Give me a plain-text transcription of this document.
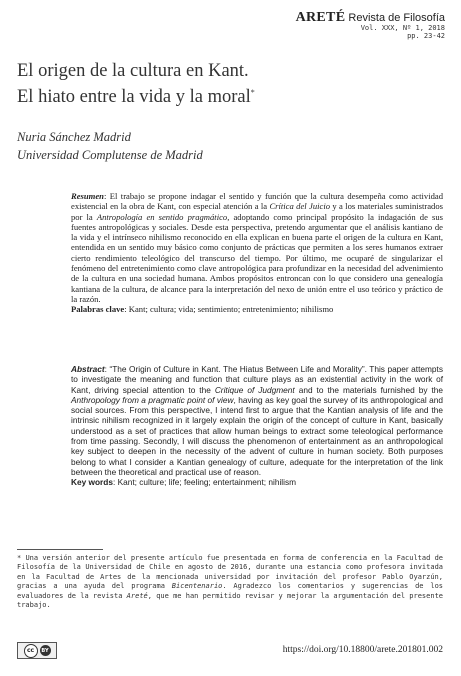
ARETÉ Revista de Filosofía
Vol. XXX, Nº 1, 2018
pp. 23-42
El origen de la cultura en Kant.
El hiato entre la vida y la moral*
Nuria Sánchez Madrid
Universidad Complutense de Madrid
Resumen: El trabajo se propone indagar el sentido y función que la cultura desempeña como actividad existencial en la obra de Kant, con especial atención a la Crítica del Juicio y a los materiales suministrados por la Antropología en sentido pragmático, adoptando como principal propósito la indagación de sus fuentes antropológicas y sociales. Desde esta perspectiva, pretendo argumentar que el análisis kantiano de la vida y el intrínseco nihilismo reconocido en ella explican en buena parte el origen de la cultura en Kant, entendida en un sentido muy básico como conjunto de prácticas que permiten a los seres humanos extraer cierto rendimiento teleológico del transcurso del tiempo. Por último, me ocuparé de singularizar el fenómeno del entretenimiento como clave antropológica para profundizar en la necesidad del advenimiento de la cultura en una sociedad humana. Ambos propósitos entroncan con lo que considero una genealogía kantiana de la cultura, de alcance para la interpretación del nexo de unión entre el uso teórico y práctico de la razón.
Palabras clave: Kant; cultura; vida; sentimiento; entretenimiento; nihilismo
Abstract: “The Origin of Culture in Kant. The Hiatus Between Life and Morality”. This paper attempts to investigate the meaning and function that culture plays as an existential activity in the work of Kant, driving special attention to the Critique of Judgment and to the materials furnished by the Anthropology from a pragmatic point of view, having as key goal the survey of its anthropological and social sources. From this perspective, I intend first to argue that the Kantian analysis of life and the intrinsic nihilism recognized in it largely explain the origin of the concept of culture in Kant, basically understood as a set of practices that allow human beings to extract some teleological performance from time passing. Secondly, I will discuss the phenomenon of entertainment as an anthropological key subject to deepen in the necessity of the advent of culture in human society. Both purposes belong to what I consider a Kantian genealogy of culture, adequate for the interpretation of the link between the theoretical and practical use of reason.
Key words: Kant; culture; life; feeling; entertainment; nihilism
* Una versión anterior del presente artículo fue presentada en forma de conferencia en la Facultad de Filosofía de la Universidad de Chile en agosto de 2016, durante una estancia como profesora invitada en la Facultad de Artes de la mencionada universidad por invitación del profesor Pablo Oyarzún, gracias a una ayuda del programa Bicentenario. Agradezco los comentarios y sugerencias de los evaluadores de la revista Areté, que me han permitido revisar y mejorar la argumentación del presente trabajo.
cc	BY	https://doi.org/10.18800/arete.201801.002
